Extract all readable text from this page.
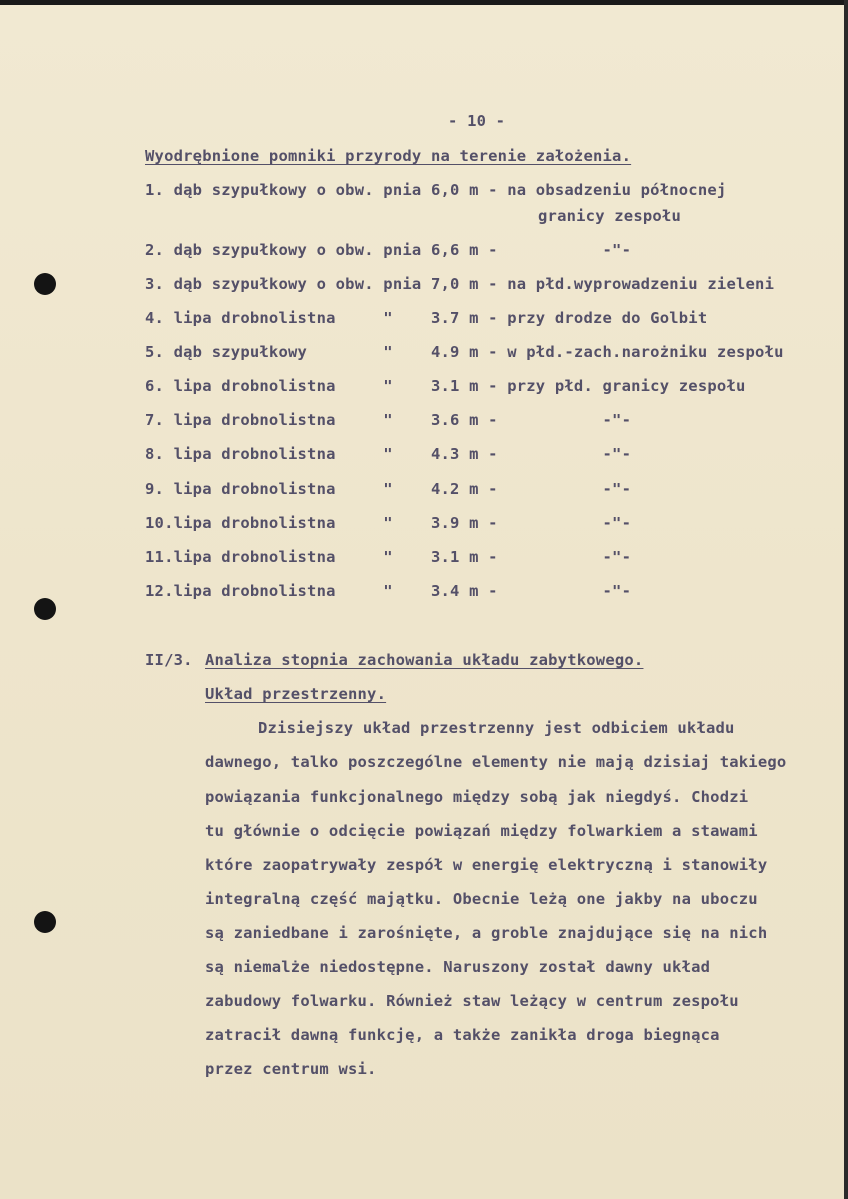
- 10 -
Wyodrębnione pomniki przyrody na terenie założenia.
1. dąb szypułkowy o obw. pnia 6,0 m - na obsadzeniu północnej
granicy zespołu
2. dąb szypułkowy o obw. pnia 6,6 m -           -"-
3. dąb szypułkowy o obw. pnia 7,0 m - na płd.wyprowadzeniu zieleni
4. lipa drobnolistna     "    3.7 m - przy drodze do Golbit
5. dąb szypułkowy        "    4.9 m - w płd.-zach.narożniku zespołu
6. lipa drobnolistna     "    3.1 m - przy płd. granicy zespołu
7. lipa drobnolistna     "    3.6 m -           -"-
8. lipa drobnolistna     "    4.3 m -           -"-
9. lipa drobnolistna     "    4.2 m -           -"-
10.lipa drobnolistna     "    3.9 m -           -"-
11.lipa drobnolistna     "    3.1 m -           -"-
12.lipa drobnolistna     "    3.4 m -           -"-
II/3. Analiza stopnia zachowania układu zabytkowego.
Układ przestrzenny.
Dzisiejszy układ przestrzenny jest odbiciem układu
dawnego, talko poszczególne elementy nie mają dzisiaj takiego
powiązania funkcjonalnego między sobą jak niegdyś. Chodzi
tu głównie o odcięcie powiązań między folwarkiem a stawami
które zaopatrywały zespół w energię elektryczną i stanowiły
integralną część majątku. Obecnie leżą one jakby na uboczu
są zaniedbane i zarośnięte, a groble znajdujące się na nich
są niemalże niedostępne. Naruszony został dawny układ
zabudowy folwarku. Również staw leżący w centrum zespołu
zatracił dawną funkcję, a także zanikła droga biegnąca
przez centrum wsi.
